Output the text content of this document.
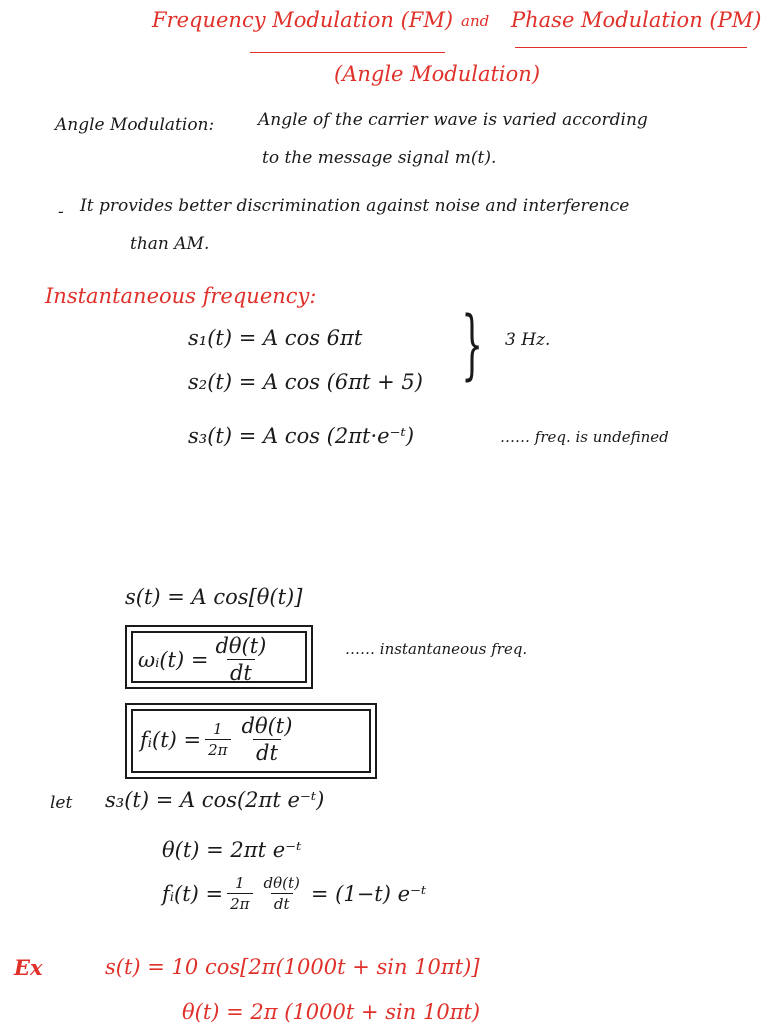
Frequency Modulation (FM) and Phase Modulation (PM)
(Angle Modulation)
Angle Modulation:	Angle of the carrier wave is varied according
to the message signal m(t).
- It provides better discrimination against noise and interference
than AM.
Instantaneous frequency:
s₁(t) = A cos 6πt
s₂(t) = A cos (6πt + 5) } 3 Hz.
s₃(t) = A cos (2πt·e⁻ᵗ)	…… freq. is undefined
s(t) = A cos[θ(t)]
ωᵢ(t) = $\frac{d\theta(t)}{dt}$	…… instantaneous freq.
fᵢ(t) = $\frac{1}{2\pi} \frac{d\theta(t)}{dt}$
let s₃(t) = A cos(2πt e⁻ᵗ)
θ(t) = 2πt e⁻ᵗ
fᵢ(t) = $\frac{1}{2\pi} \frac{d\theta(t)}{dt} = (1-t)$ e⁻ᵗ
Ex	s(t) = 10 cos[2π(1000t + sin 10πt)]
θ(t) = 2π (1000t + sin 10πt)
